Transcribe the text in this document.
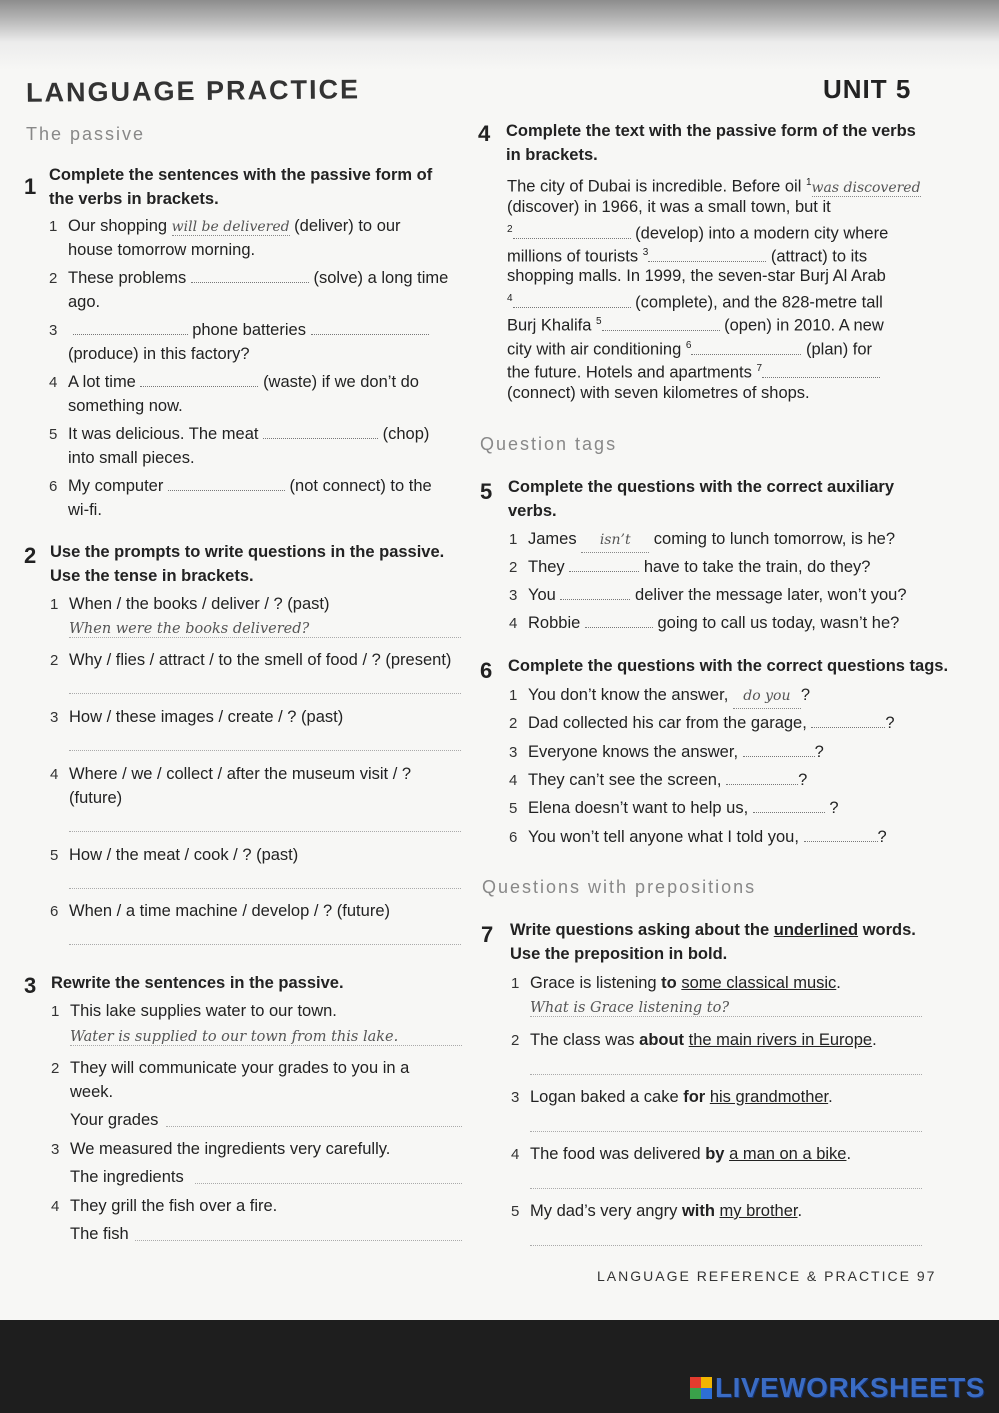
LANGUAGE PRACTICE	UNIT 5
The passive
1 Complete the sentences with the passive form of
the verbs in brackets.
1 Our shopping will be delivered (deliver) to our
house tomorrow morning.
2 These problems	(solve) a long time
ago.
3	phone batteries
(produce) in this factory?
4 A lot time	(waste) if we don’t do
something now.
5 It was delicious. The meat	(chop)
into small pieces.
6 My computer	(not connect) to the
wi-fi.
2 Use the prompts to write questions in the passive.
Use the tense in brackets.
1 When / the books / deliver / ? (past)
When were the books delivered?
2 Why / flies / attract / to the smell of food / ? (present)
3 How / these images / create / ? (past)
4 Where / we / collect / after the museum visit / ?
(future)
5 How / the meat / cook / ? (past)
6 When / a time machine / develop / ? (future)
3 Rewrite the sentences in the passive.
1 This lake supplies water to our town.
Water is supplied to our town from this lake.
2 They will communicate your grades to you in a
week.
Your grades
3 We measured the ingredients very carefully.
The ingredients
4 They grill the fish over a fire.
The fish
4 Complete the text with the passive form of the verbs
in brackets.
The city of Dubai is incredible. Before oil $^1$was discovered
(discover) in 1966, it was a small town, but it
$^2$	(develop) into a modern city where
millions of tourists $^3$	(attract) to its
shopping malls. In 1999, the seven-star Burj Al Arab
$^4$	(complete), and the 828-metre tall
Burj Khalifa $^5$	(open) in 2010. A new
city with air conditioning $^6$	(plan) for
the future. Hotels and apartments $^7$
(connect) with seven kilometres of shops.
Question tags
5 Complete the questions with the correct auxiliary
verbs.
1 James isn’t coming to lunch tomorrow, is he?
2 They	have to take the train, do they?
3 You	deliver the message later, won’t you?
4 Robbie	going to call us today, wasn’t he?
6 Complete the questions with the correct questions tags.
1 You don’t know the answer, do you ?
2 Dad collected his car from the garage,	?
3 Everyone knows the answer,	?
4 They can’t see the screen,	?
5 Elena doesn’t want to help us,	?
6 You won’t tell anyone what I told you,	?
Questions with prepositions
7 Write questions asking about the underlined words.
Use the preposition in bold.
1 Grace is listening to some classical music.
What is Grace listening to?
2 The class was about the main rivers in Europe.
3 Logan baked a cake for his grandmother.
4 The food was delivered by a man on a bike.
5 My dad’s very angry with my brother.
LANGUAGE REFERENCE & PRACTICE 97
LIVEWORKSHEETS
